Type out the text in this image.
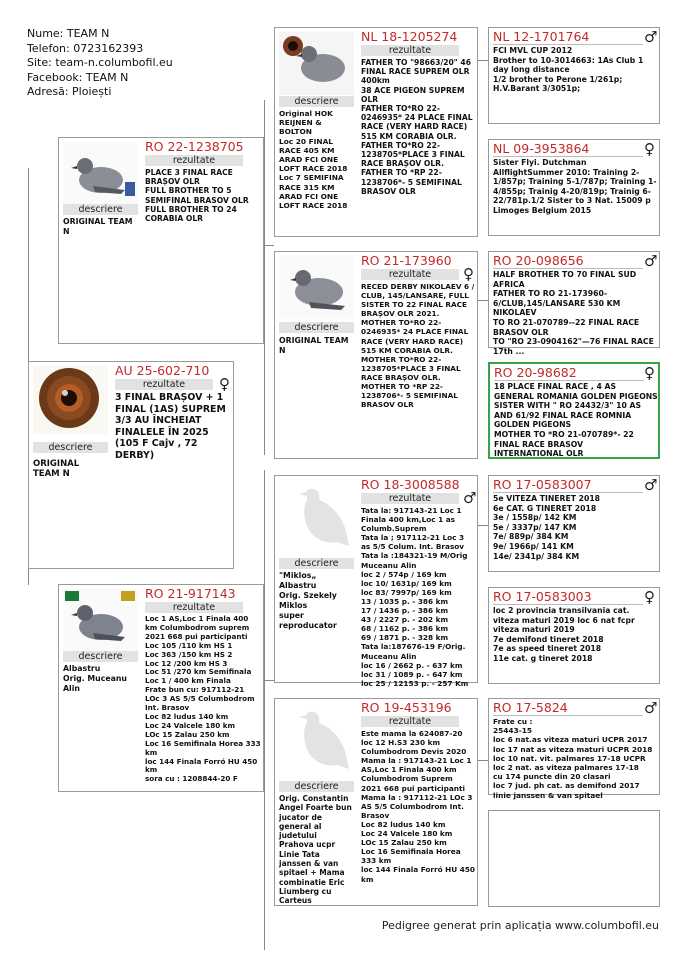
Nume: TEAM N
Telefon: 0723162393
Site: team-n.columbofil.eu
Facebook: TEAM N
Adresă: Ploiești
descriere
ORIGINAL TEAM N
AU 25-602-710
rezultate	♀
3 FINAL BRAȘOV + 1 FINAL (1AS) SUPREM
3/3 AU ÎNCHEIAT FINALELE ÎN 2025
(105 F Cajv , 72 DERBY)
descriere
ORIGINAL TEAM N
RO 22-1238705
rezultate
PLACE 3 FINAL RACE BRAȘOV OLR
FULL BROTHER TO 5 SEMIFINAL BRASOV OLR
FULL BROTHER TO 24 CORABIA OLR
descriere
Albastru
Orig. Muceanu Alin
RO 21-917143
rezultate
Loc 1 AS,Loc 1 Finala 400 km Columbodrom suprem 2021 668 pui participanti
Loc 105 /110 km HS 1
Loc 363 /150 km HS 2
Loc 12 /200 km HS 3
Loc 51 /270 km Semifinala
Loc 1 / 400 km Finala
Frate bun cu: 917112-21
LOc 3 AS 5/5 Columbodrom Int. Brasov
Loc 82 ludus 140 km
Loc 24 Valcele 180 km
LOc 15 Zalau 250 km
Loc 16 Semifinala Horea 333 km
loc 144 Finala Forró HU 450 km
sora cu : 1208844-20 F
descriere
Original HOK REIJNEN & BOLTON
Loc 20 FINAL RACE 405 KM ARAD FCI ONE LOFT RACE 2018
Loc 7 SEMIFINA RACE 315 KM ARAD FCI ONE LOFT RACE 2018
NL 18-1205274
rezultate
FATHER TO "98663/20" 46 FINAL RACE SUPREM OLR 400km
38 ACE PIGEON SUPREM OLR
FATHER TO*RO 22-0246935* 24 PLACE FINAL RACE (VERY HARD RACE) 515 KM CORABIA OLR. FATHER TO*RO 22-1238705*PLACE 3 FINAL RACE BRAȘOV OLR. FATHER TO *RP 22-1238706*- 5 SEMIFINAL BRASOV OLR
descriere
ORIGINAL TEAM N
RO 21-173960
rezultate	♀
RECED DERBY NIKOLAEV 6 / CLUB, 145/LANSARE, FULL SISTER TO 22 FINAL RACE BRAȘOV OLR 2021. MOTHER TO*RO 22-0246935* 24 PLACE FINAL RACE (VERY HARD RACE) 515 KM CORABIA OLR. MOTHER TO*RO 22-1238705*PLACE 3 FINAL RACE BRAȘOV OLR. MOTHER TO *RP 22-1238706*- 5 SEMIFINAL BRASOV OLR
descriere
"Miklos„ Albastru
Orig. Szekely Miklos
super reproducator
RO 18-3008588
rezultate	♂
Tata la: 917143-21 Loc 1 Finala 400 km,Loc 1 as Columb.Suprem
Tata la ; 917112-21 Loc 3 as 5/5 Colum. Int. Brasov
Tata la :184321-19 M/Orig Muceanu Alin
loc 2 / 574p / 169 km
loc 10/ 1631p/ 169 km
loc 83/ 7997p/ 169 km
13 / 1035 p. - 386 km
17 / 1436 p. - 386 km
43 / 2227 p. - 202 km
68 / 1162 p. - 386 km
69 / 1871 p. - 328 km
Tata la:187676-19 F/Orig. Muceanu Alin
loc 16 / 2662 p. - 637 km
loc 31 / 1089 p. - 647 km
loc 25 / 12153 p. - 257 Km
descriere
Orig. Constantin Angel Foarte bun jucator de general al judetului Prahova ucpr Linie Tata janssen & van spitael + Mama combinatie Eric Liumberg cu Carteus
RO 19-453196
rezultate
Este mama la 624087-20 loc 12 H.S3 230 km Columbodrom Devis 2020
Mama la : 917143-21 Loc 1 AS,Loc 1 Finala 400 km Columbodrom Suprem 2021 668 pui participanti
Mama la : 917112-21 LOc 3 AS 5/5 Columbodrom Int. Brasov
Loc 82 ludus 140 km
Loc 24 Valcele 180 km
LOc 15 Zalau 250 km
Loc 16 Semifinala Horea 333 km
loc 144 Finala Forró HU 450 km
NL 12-1701764	♂
FCI MVL CUP 2012
Brother to 10-3014663: 1As Club 1 day long distance
1/2 brother to Perone 1/261p;
H.V.Barant 3/3051p;
NL 09-3953864	♀
Sister Flyi. Dutchman
AllflightSummer 2010: Training 2-1/857p; Training 5-1/787p; Training 1-4/855p; Trainig 4-20/819p; Trainig 6-22/781p.1/2 Sister to 3 Nat. 15009 p Limoges Belgium 2015
RO 20-098656	♂
HALF BROTHER TO 70 FINAL SUD AFRICA
FATHER TO RO 21-173960-6/CLUB,145/LANSARE 530 KM NIKOLAEV
TO RO 21-070789--22 FINAL RACE BRASOV OLR
TO "RO 23-0904162"—76 FINAL RACE 17th ...
RO 20-98682	♀
18 PLACE FINAL RACE , 4 AS GENERAL ROMANIA GOLDEN PIGEONS
SISTER WITH " RO 24432/3" 10 AS AND 61/92 FINAL RACE ROMNIA GOLDEN PIGEONS
MOTHER TO *RO 21-070789*- 22 FINAL RACE BRASOV
INTERNATIONAL OLR
RO 17-0583007	♂
5e VITEZA TINERET 2018
6e CAT. G TINERET 2018
3e / 1558p/ 142 KM
5e / 3337p/ 147 KM
7e/ 889p/ 384 KM
9e/ 1966p/ 141 KM
14e/ 2341p/ 384 KM
RO 17-0583003	♀
loc 2 provincia transilvania cat. viteza maturi 2019 loc 6 nat fcpr viteza maturi 2019
7e demifond tineret 2018
7e as speed tineret 2018
11e cat. g tineret 2018
RO 17-5824	♂
Frate cu :
25443-15
loc 6 nat.as viteza maturi UCPR 2017
loc 17 nat as viteza maturi UCPR 2018
loc 10 nat. vit. palmares 17-18 UCPR
loc 2 nat. as viteza palmares 17-18
cu 174 puncte din 20 clasari
loc 7 jud. ph cat. as demifond 2017
linie janssen & van spitael
Pedigree generat prin aplicația www.columbofil.eu
